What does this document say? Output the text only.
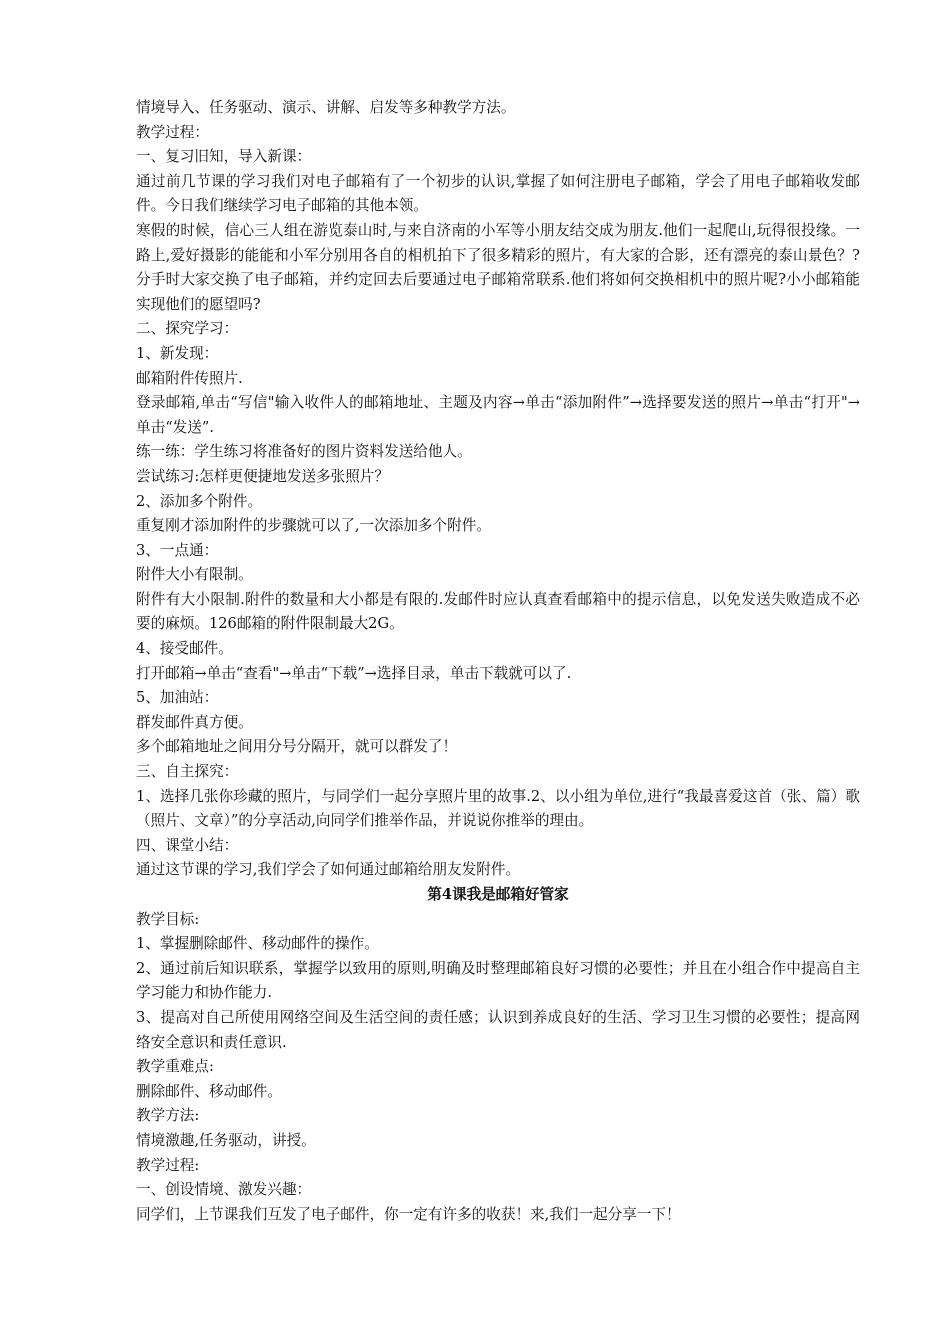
情境导入、任务驱动、演示、讲解、启发等多种教学方法。
教学过程：
一、复习旧知，导入新课：
通过前几节课的学习我们对电子邮箱有了一个初步的认识,掌握了如何注册电子邮箱，学会了用电子邮箱收发邮件。今日我们继续学习电子邮箱的其他本领。
寒假的时候，信心三人组在游览泰山时,与来自济南的小军等小朋友结交成为朋友.他们一起爬山,玩得很投缘。一路上,爱好摄影的能能和小军分别用各自的相机拍下了很多精彩的照片，有大家的合影，还有漂亮的泰山景色？?分手时大家交换了电子邮箱，并约定回去后要通过电子邮箱常联系.他们将如何交换相机中的照片呢?小小邮箱能实现他们的愿望吗?
二、探究学习：
1、新发现：
邮箱附件传照片.
登录邮箱,单击“写信"输入收件人的邮箱地址、主题及内容→单击“添加附件”→选择要发送的照片→单击“打开"→单击“发送”.
练一练：学生练习将准备好的图片资料发送给他人。
尝试练习:怎样更便捷地发送多张照片？
2、添加多个附件。
重复刚才添加附件的步骤就可以了,一次添加多个附件。
3、一点通：
附件大小有限制。
附件有大小限制.附件的数量和大小都是有限的.发邮件时应认真查看邮箱中的提示信息，以免发送失败造成不必要的麻烦。126邮箱的附件限制最大2G。
4、接受邮件。
打开邮箱→单击“查看"→单击“下载”→选择目录，单击下载就可以了.
5、加油站：
群发邮件真方便。
多个邮箱地址之间用分号分隔开，就可以群发了！
三、自主探究：
1、选择几张你珍藏的照片，与同学们一起分享照片里的故事.2、以小组为单位,进行“我最喜爱这首（张、篇）歌（照片、文章）”的分享活动,向同学们推举作品，并说说你推举的理由。
四、课堂小结：
通过这节课的学习,我们学会了如何通过邮箱给朋友发附件。
第4课我是邮箱好管家
教学目标:
1、掌握删除邮件、移动邮件的操作。
2、通过前后知识联系，掌握学以致用的原则,明确及时整理邮箱良好习惯的必要性；并且在小组合作中提高自主学习能力和协作能力.
3、提高对自己所使用网络空间及生活空间的责任感；认识到养成良好的生活、学习卫生习惯的必要性；提高网络安全意识和责任意识.
教学重难点:
删除邮件、移动邮件。
教学方法:
情境激趣,任务驱动，讲授。
教学过程:
一、创设情境、激发兴趣：
同学们，上节课我们互发了电子邮件，你一定有许多的收获！来,我们一起分享一下！
